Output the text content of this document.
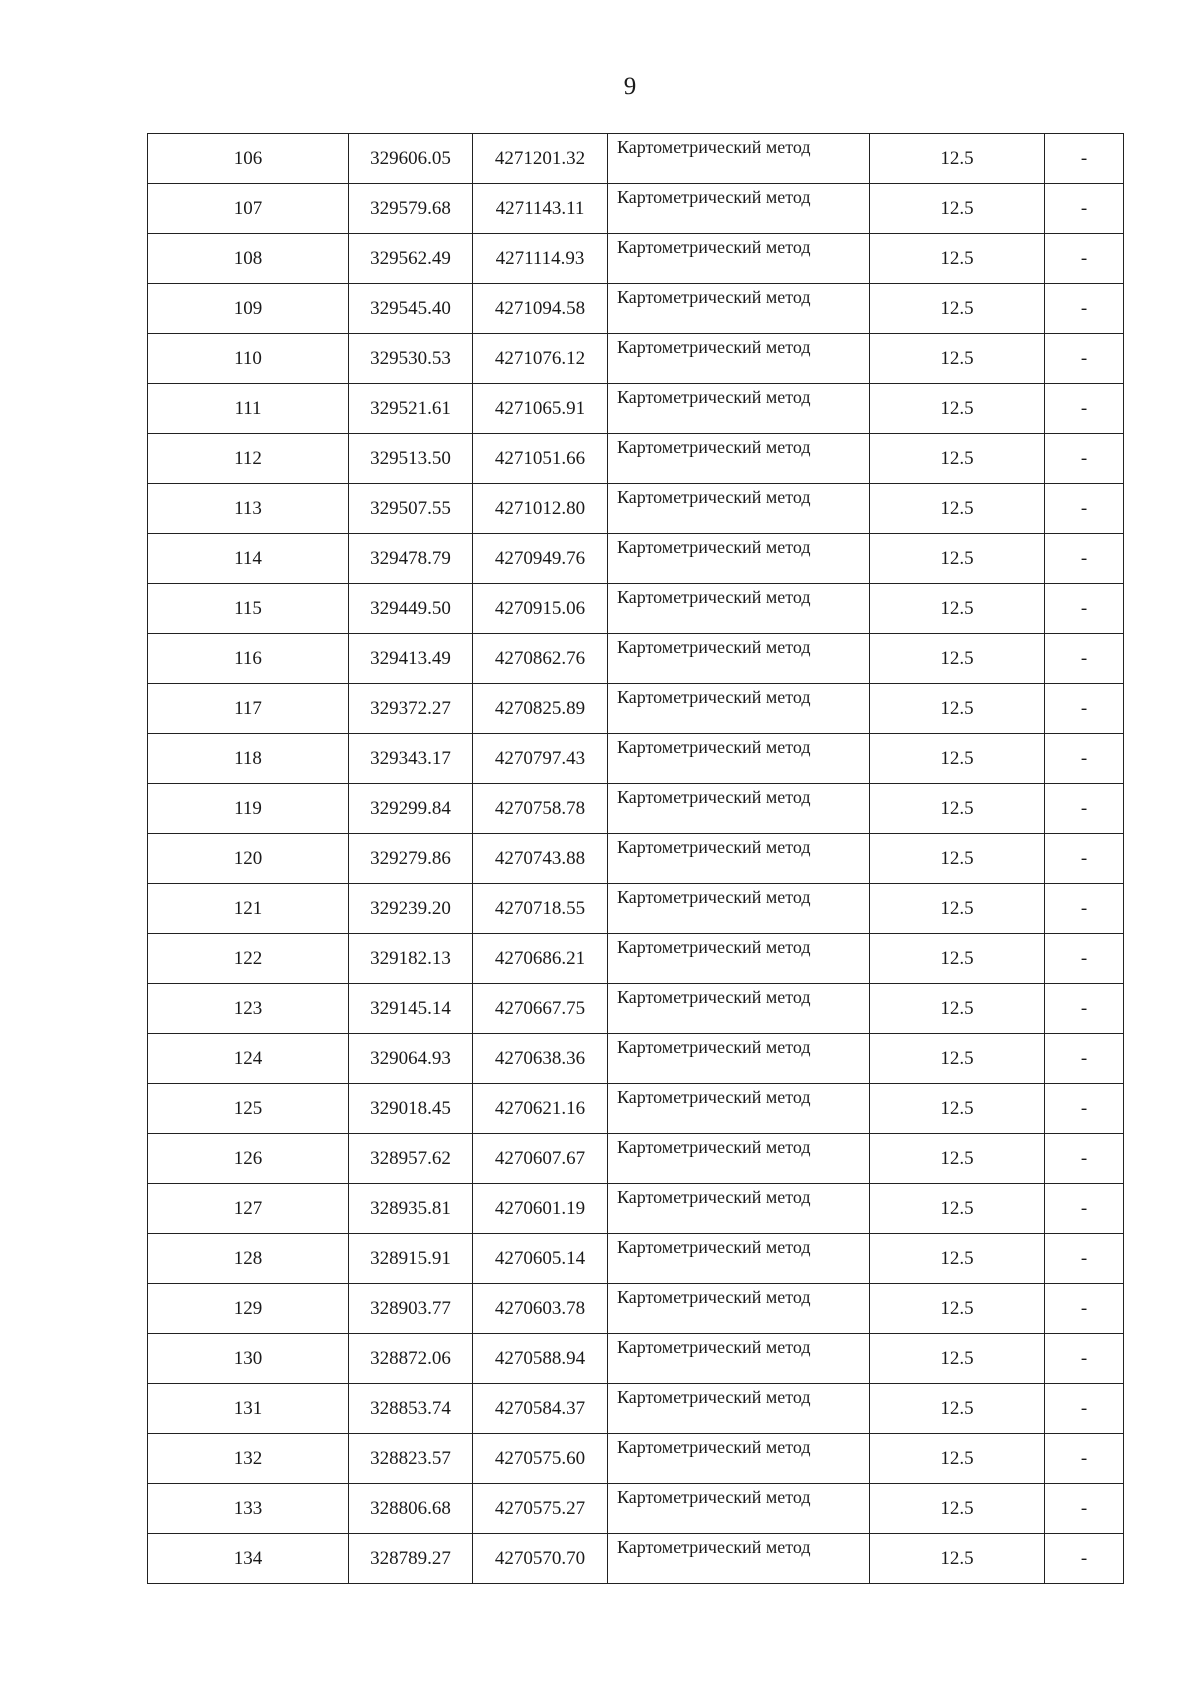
9
106	329606.05	4271201.32	Картометрический метод	12.5	-
107	329579.68	4271143.11	Картометрический метод	12.5	-
108	329562.49	4271114.93	Картометрический метод	12.5	-
109	329545.40	4271094.58	Картометрический метод	12.5	-
110	329530.53	4271076.12	Картометрический метод	12.5	-
111	329521.61	4271065.91	Картометрический метод	12.5	-
112	329513.50	4271051.66	Картометрический метод	12.5	-
113	329507.55	4271012.80	Картометрический метод	12.5	-
114	329478.79	4270949.76	Картометрический метод	12.5	-
115	329449.50	4270915.06	Картометрический метод	12.5	-
116	329413.49	4270862.76	Картометрический метод	12.5	-
117	329372.27	4270825.89	Картометрический метод	12.5	-
118	329343.17	4270797.43	Картометрический метод	12.5	-
119	329299.84	4270758.78	Картометрический метод	12.5	-
120	329279.86	4270743.88	Картометрический метод	12.5	-
121	329239.20	4270718.55	Картометрический метод	12.5	-
122	329182.13	4270686.21	Картометрический метод	12.5	-
123	329145.14	4270667.75	Картометрический метод	12.5	-
124	329064.93	4270638.36	Картометрический метод	12.5	-
125	329018.45	4270621.16	Картометрический метод	12.5	-
126	328957.62	4270607.67	Картометрический метод	12.5	-
127	328935.81	4270601.19	Картометрический метод	12.5	-
128	328915.91	4270605.14	Картометрический метод	12.5	-
129	328903.77	4270603.78	Картометрический метод	12.5	-
130	328872.06	4270588.94	Картометрический метод	12.5	-
131	328853.74	4270584.37	Картометрический метод	12.5	-
132	328823.57	4270575.60	Картометрический метод	12.5	-
133	328806.68	4270575.27	Картометрический метод	12.5	-
134	328789.27	4270570.70	Картометрический метод	12.5	-
